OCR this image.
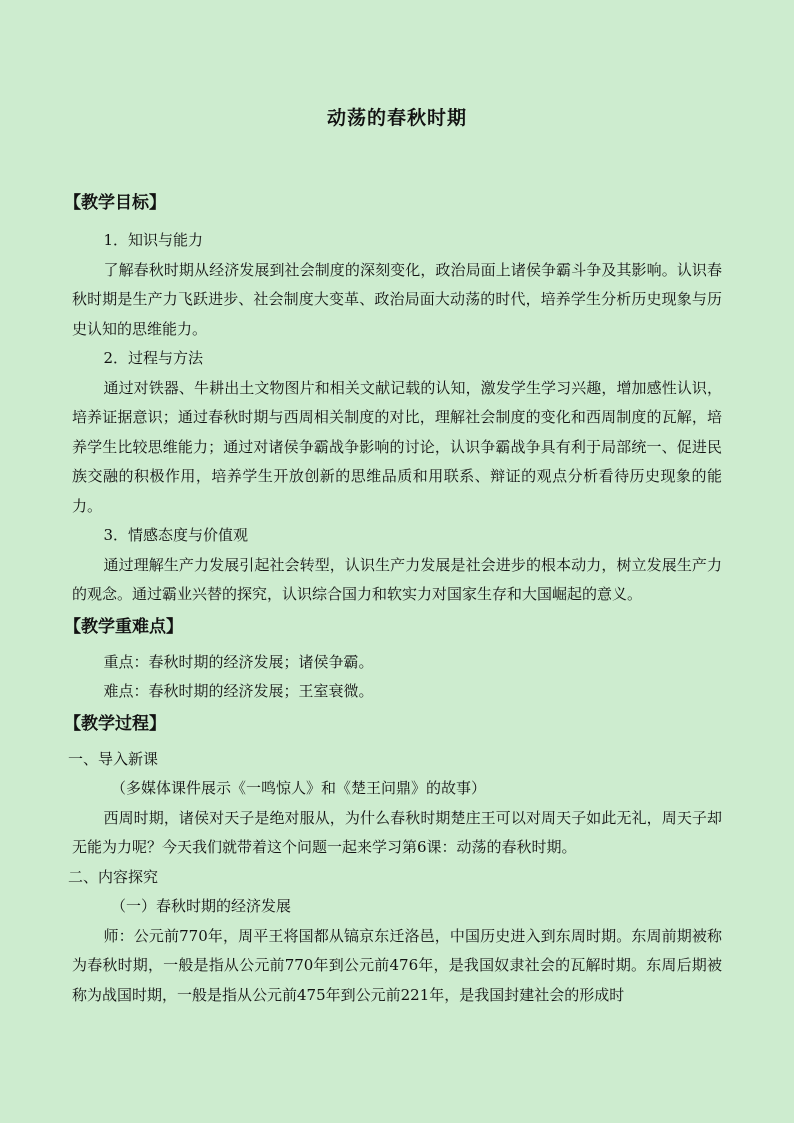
动荡的春秋时期

【教学目标】

1．知识与能力

了解春秋时期从经济发展到社会制度的深刻变化，政治局面上诸侯争霸斗争及其影响。认识春秋时期是生产力飞跃进步、社会制度大变革、政治局面大动荡的时代，培养学生分析历史现象与历史认知的思维能力。

2．过程与方法

通过对铁器、牛耕出土文物图片和相关文献记载的认知，激发学生学习兴趣，增加感性认识，培养证据意识；通过春秋时期与西周相关制度的对比，理解社会制度的变化和西周制度的瓦解，培养学生比较思维能力；通过对诸侯争霸战争影响的讨论，认识争霸战争具有利于局部统一、促进民族交融的积极作用，培养学生开放创新的思维品质和用联系、辩证的观点分析看待历史现象的能力。

3．情感态度与价值观

通过理解生产力发展引起社会转型，认识生产力发展是社会进步的根本动力，树立发展生产力的观念。通过霸业兴替的探究，认识综合国力和软实力对国家生存和大国崛起的意义。

【教学重难点】

重点：春秋时期的经济发展；诸侯争霸。

难点：春秋时期的经济发展；王室衰微。

【教学过程】

一、导入新课

（多媒体课件展示《一鸣惊人》和《楚王问鼎》的故事）

西周时期，诸侯对天子是绝对服从，为什么春秋时期楚庄王可以对周天子如此无礼，周天子却无能为力呢？今天我们就带着这个问题一起来学习第6课：动荡的春秋时期。

二、内容探究

（一）春秋时期的经济发展

师：公元前770年，周平王将国都从镐京东迁洛邑，中国历史进入到东周时期。东周前期被称为春秋时期，一般是指从公元前770年到公元前476年，是我国奴隶社会的瓦解时期。东周后期被称为战国时期，一般是指从公元前475年到公元前221年，是我国封建社会的形成时
